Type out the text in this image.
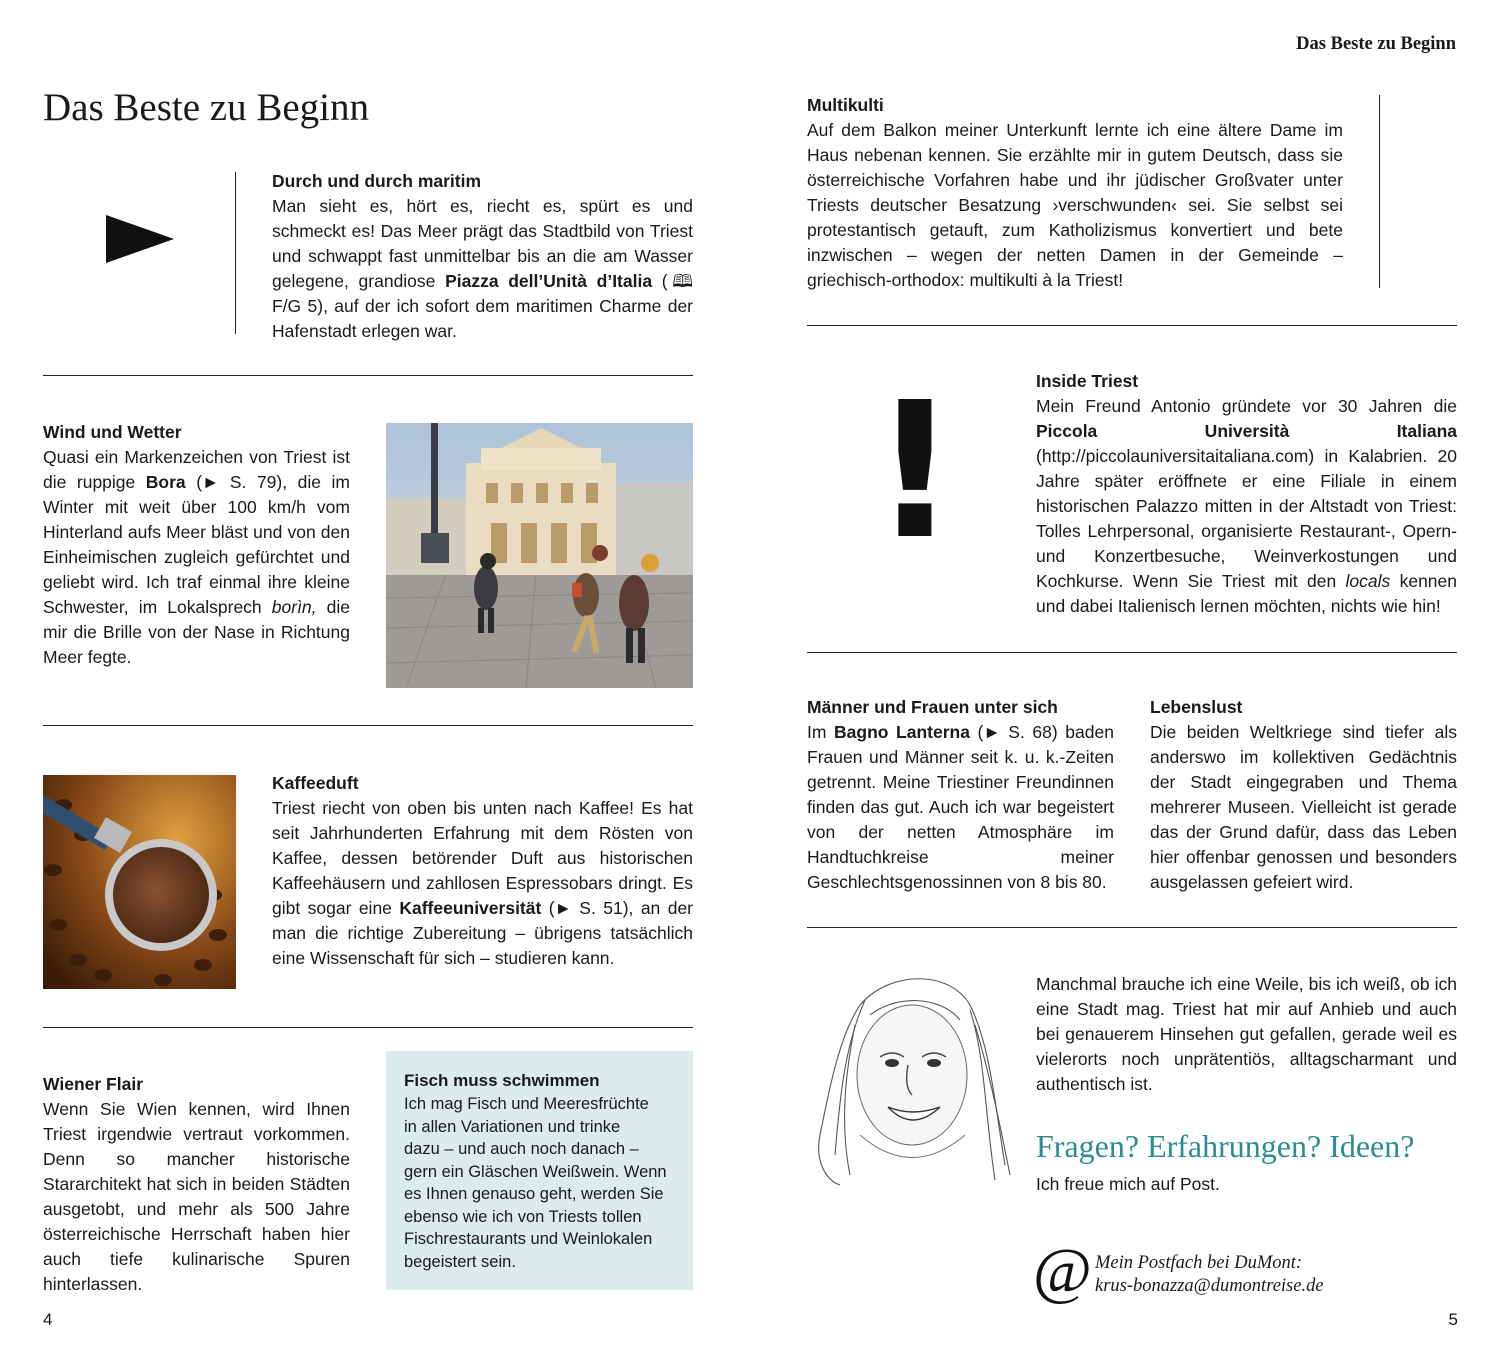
Das Beste zu Beginn
Das Beste zu Beginn
Durch und durch maritim

Man sieht es, hört es, riecht es, spürt es und schmeckt es! Das Meer prägt das Stadtbild von Triest und schwappt fast unmittelbar bis an die am Wasser gelegene, grandiose Piazza dell’Unità d’Italia (🕮 F/G 5), auf der ich sofort dem maritimen Charme der Hafenstadt erlegen war.

Wind und Wetter

Quasi ein Markenzeichen von Triest ist die ruppige Bora (► S. 79), die im Winter mit weit über 100 km/h vom Hinterland aufs Meer bläst und von den Einheimischen zugleich gefürchtet und geliebt wird. Ich traf einmal ihre kleine Schwester, im Lokalsprech borìn, die mir die Brille von der Nase in Richtung Meer fegte.

Kaffeeduft

Triest riecht von oben bis unten nach Kaffee! Es hat seit Jahrhunderten Erfahrung mit dem Rösten von Kaffee, dessen betörender Duft aus historischen Kaffeehäusern und zahllosen Espressobars dringt. Es gibt sogar eine Kaffeeuniversität (► S. 51), an der man die richtige Zubereitung – übrigens tatsächlich eine Wissenschaft für sich – studieren kann.

Wiener Flair

Wenn Sie Wien kennen, wird Ihnen Triest irgendwie vertraut vorkommen. Denn so mancher historische Stararchitekt hat sich in beiden Städten ausgetobt, und mehr als 500 Jahre österreichische Herrschaft haben hier auch tiefe kulinarische Spuren hinterlassen.

Fisch muss schwimmen
Ich mag Fisch und Meeresfrüchte
in allen Variationen und trinke
dazu – und auch noch danach –
gern ein Gläschen Weißwein. Wenn
es Ihnen genauso geht, werden Sie
ebenso wie ich von Triests tollen
Fischrestaurants und Weinlokalen
begeistert sein.
4
Multikulti

Auf dem Balkon meiner Unterkunft lernte ich eine ältere Dame im Haus nebenan kennen. Sie erzählte mir in gutem Deutsch, dass sie österreichische Vorfahren habe und ihr jüdischer Großvater unter Triests deutscher Besatzung ›verschwunden‹ sei. Sie selbst sei protestantisch getauft, zum Katholizismus konvertiert und bete inzwischen – wegen der netten Damen in der Gemeinde – griechisch-orthodox: multikulti à la Triest!

!	Inside Triest

Mein Freund Antonio gründete vor 30 Jahren die Piccola Università Italiana (http://piccolauniversitaitaliana.com) in Kalabrien. 20 Jahre später eröffnete er eine Filiale in einem historischen Palazzo mitten in der Altstadt von Triest: Tolles Lehrpersonal, organisierte Restaurant-, Opern- und Konzertbesuche, Weinverkostungen und Kochkurse. Wenn Sie Triest mit den locals kennen und dabei Italienisch lernen möchten, nichts wie hin!

Männer und Frauen unter sich

Im Bagno Lanterna (► S. 68) baden Frauen und Männer seit k. u. k.-Zeiten getrennt. Meine Triestiner Freundinnen finden das gut. Auch ich war begeistert von der netten Atmosphäre im Handtuchkreise meiner Geschlechtsgenossinnen von 8 bis 80.

Lebenslust

Die beiden Weltkriege sind tiefer als anderswo im kollektiven Gedächtnis der Stadt eingegraben und Thema mehrerer Museen. Vielleicht ist gerade das der Grund dafür, dass das Leben hier offenbar genossen und besonders ausgelassen gefeiert wird.

Manchmal brauche ich eine Weile, bis ich weiß, ob ich eine Stadt mag. Triest hat mir auf Anhieb und auch bei genauerem Hinsehen gut gefallen, gerade weil es vielerorts noch unprätentiös, alltagscharmant und authentisch ist.

Fragen? Erfahrungen? Ideen?
Ich freue mich auf Post.
@ Mein Postfach bei DuMont:
krus-bonazza@dumontreise.de
5
